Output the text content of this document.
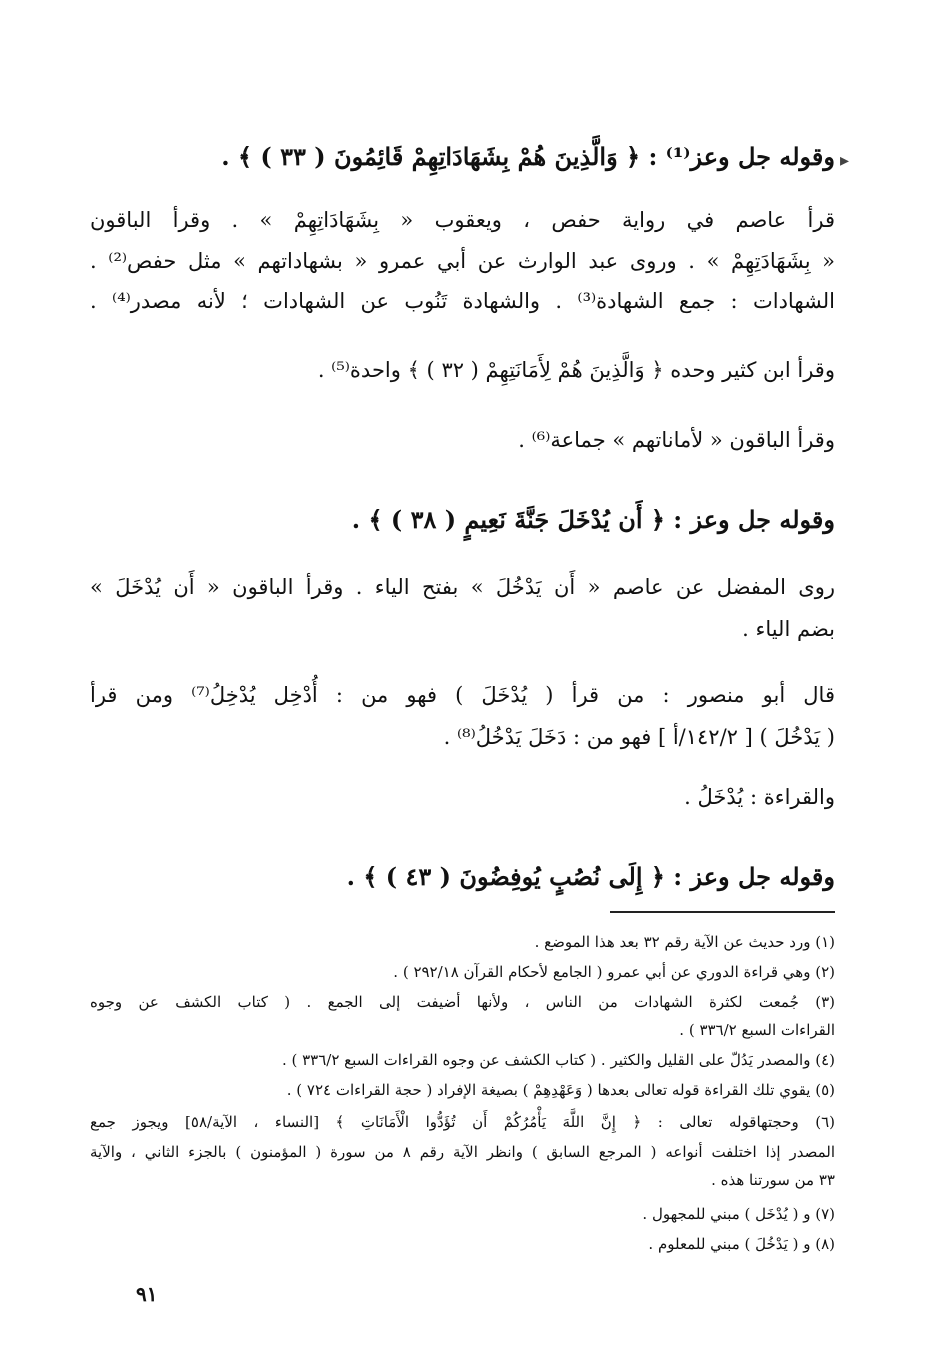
وقوله جل وعز⁽¹⁾ : ﴿ وَالَّذِينَ هُمْ بِشَهَادَاتِهِمْ قَائِمُونَ ( ٣٣ ) ﴾ .
قرأ عاصم في رواية حفص ، ويعقوب « بِشَهَادَاتِهِمْ » . وقرأ الباقون
« بِشَهَادَتِهِمْ » . وروى عبد الوارث عن أبي عمرو « بشهاداتهم » مثل حفص⁽²⁾ .
الشهادات : جمع الشهادة⁽³⁾ . والشهادة تَنُوب عن الشهادات ؛ لأنه مصدر⁽⁴⁾ .
وقرأ ابن كثير وحده ﴿ وَالَّذِينَ هُمْ لِأَمَانَتِهِمْ ( ٣٢ ) ﴾ واحدة⁽⁵⁾ .
وقرأ الباقون « لأماناتهم » جماعة⁽⁶⁾ .
وقوله جل وعز : ﴿ أَن يُدْخَلَ جَنَّةَ نَعِيمٍ ( ٣٨ ) ﴾ .
روى المفضل عن عاصم « أَن يَدْخُلَ » بفتح الياء . وقرأ الباقون « أَن يُدْخَلَ »
بضم الياء .
قال أبو منصور : من قرأ ( يُدْخَلَ ) فهو من : أُدْخِل يُدْخِلُ⁽⁷⁾ ومن قرأ
( يَدْخُلَ ) [ ١٤٢/٢/أ ] فهو من : دَخَلَ يَدْخُلُ⁽⁸⁾ .
والقراءة : يُدْخَلُ .
وقوله جل وعز : ﴿ إِلَى نُصُبٍ يُوفِضُونَ ( ٤٣ ) ﴾ .
(١) ورد حديث عن الآية رقم ٣٢ بعد هذا الموضع .
(٢) وهي قراءة الدوري عن أبي عمرو ( الجامع لأحكام القرآن ٢٩٢/١٨ ) .
(٣) جُمعت لكثرة الشهادات من الناس ، ولأنها أضيفت إلى الجمع . ( كتاب الكشف عن وجوه
القراءات السبع ٣٣٦/٢ ) .
(٤) والمصدر يَدُلّ على القليل والكثير . ( كتاب الكشف عن وجوه القراءات السبع ٣٣٦/٢ ) .
(٥) يقوي تلك القراءة قوله تعالى بعدها ( وَعَهْدِهِمْ ) بصيغة الإفراد ( حجة القراءات ٧٢٤ ) .
(٦) وحجتهاقوله تعالى : ﴿ إِنَّ اللَّهَ يَأْمُرُكُمْ أَن تُؤَدُّوا الْأَمَانَاتِ ﴾ [النساء ، الآية/٥٨] ويجوز جمع
المصدر إذا اختلفت أنواعه ( المرجع السابق ) وانظر الآية رقم ٨ من سورة ( المؤمنون ) بالجزء الثاني ، والآية
٣٣ من سورتنا هذه .
(٧) و ( يُدْخَل ) مبني للمجهول .
(٨) و ( يَدْخُلَ ) مبني للمعلوم .
٩١
▸
